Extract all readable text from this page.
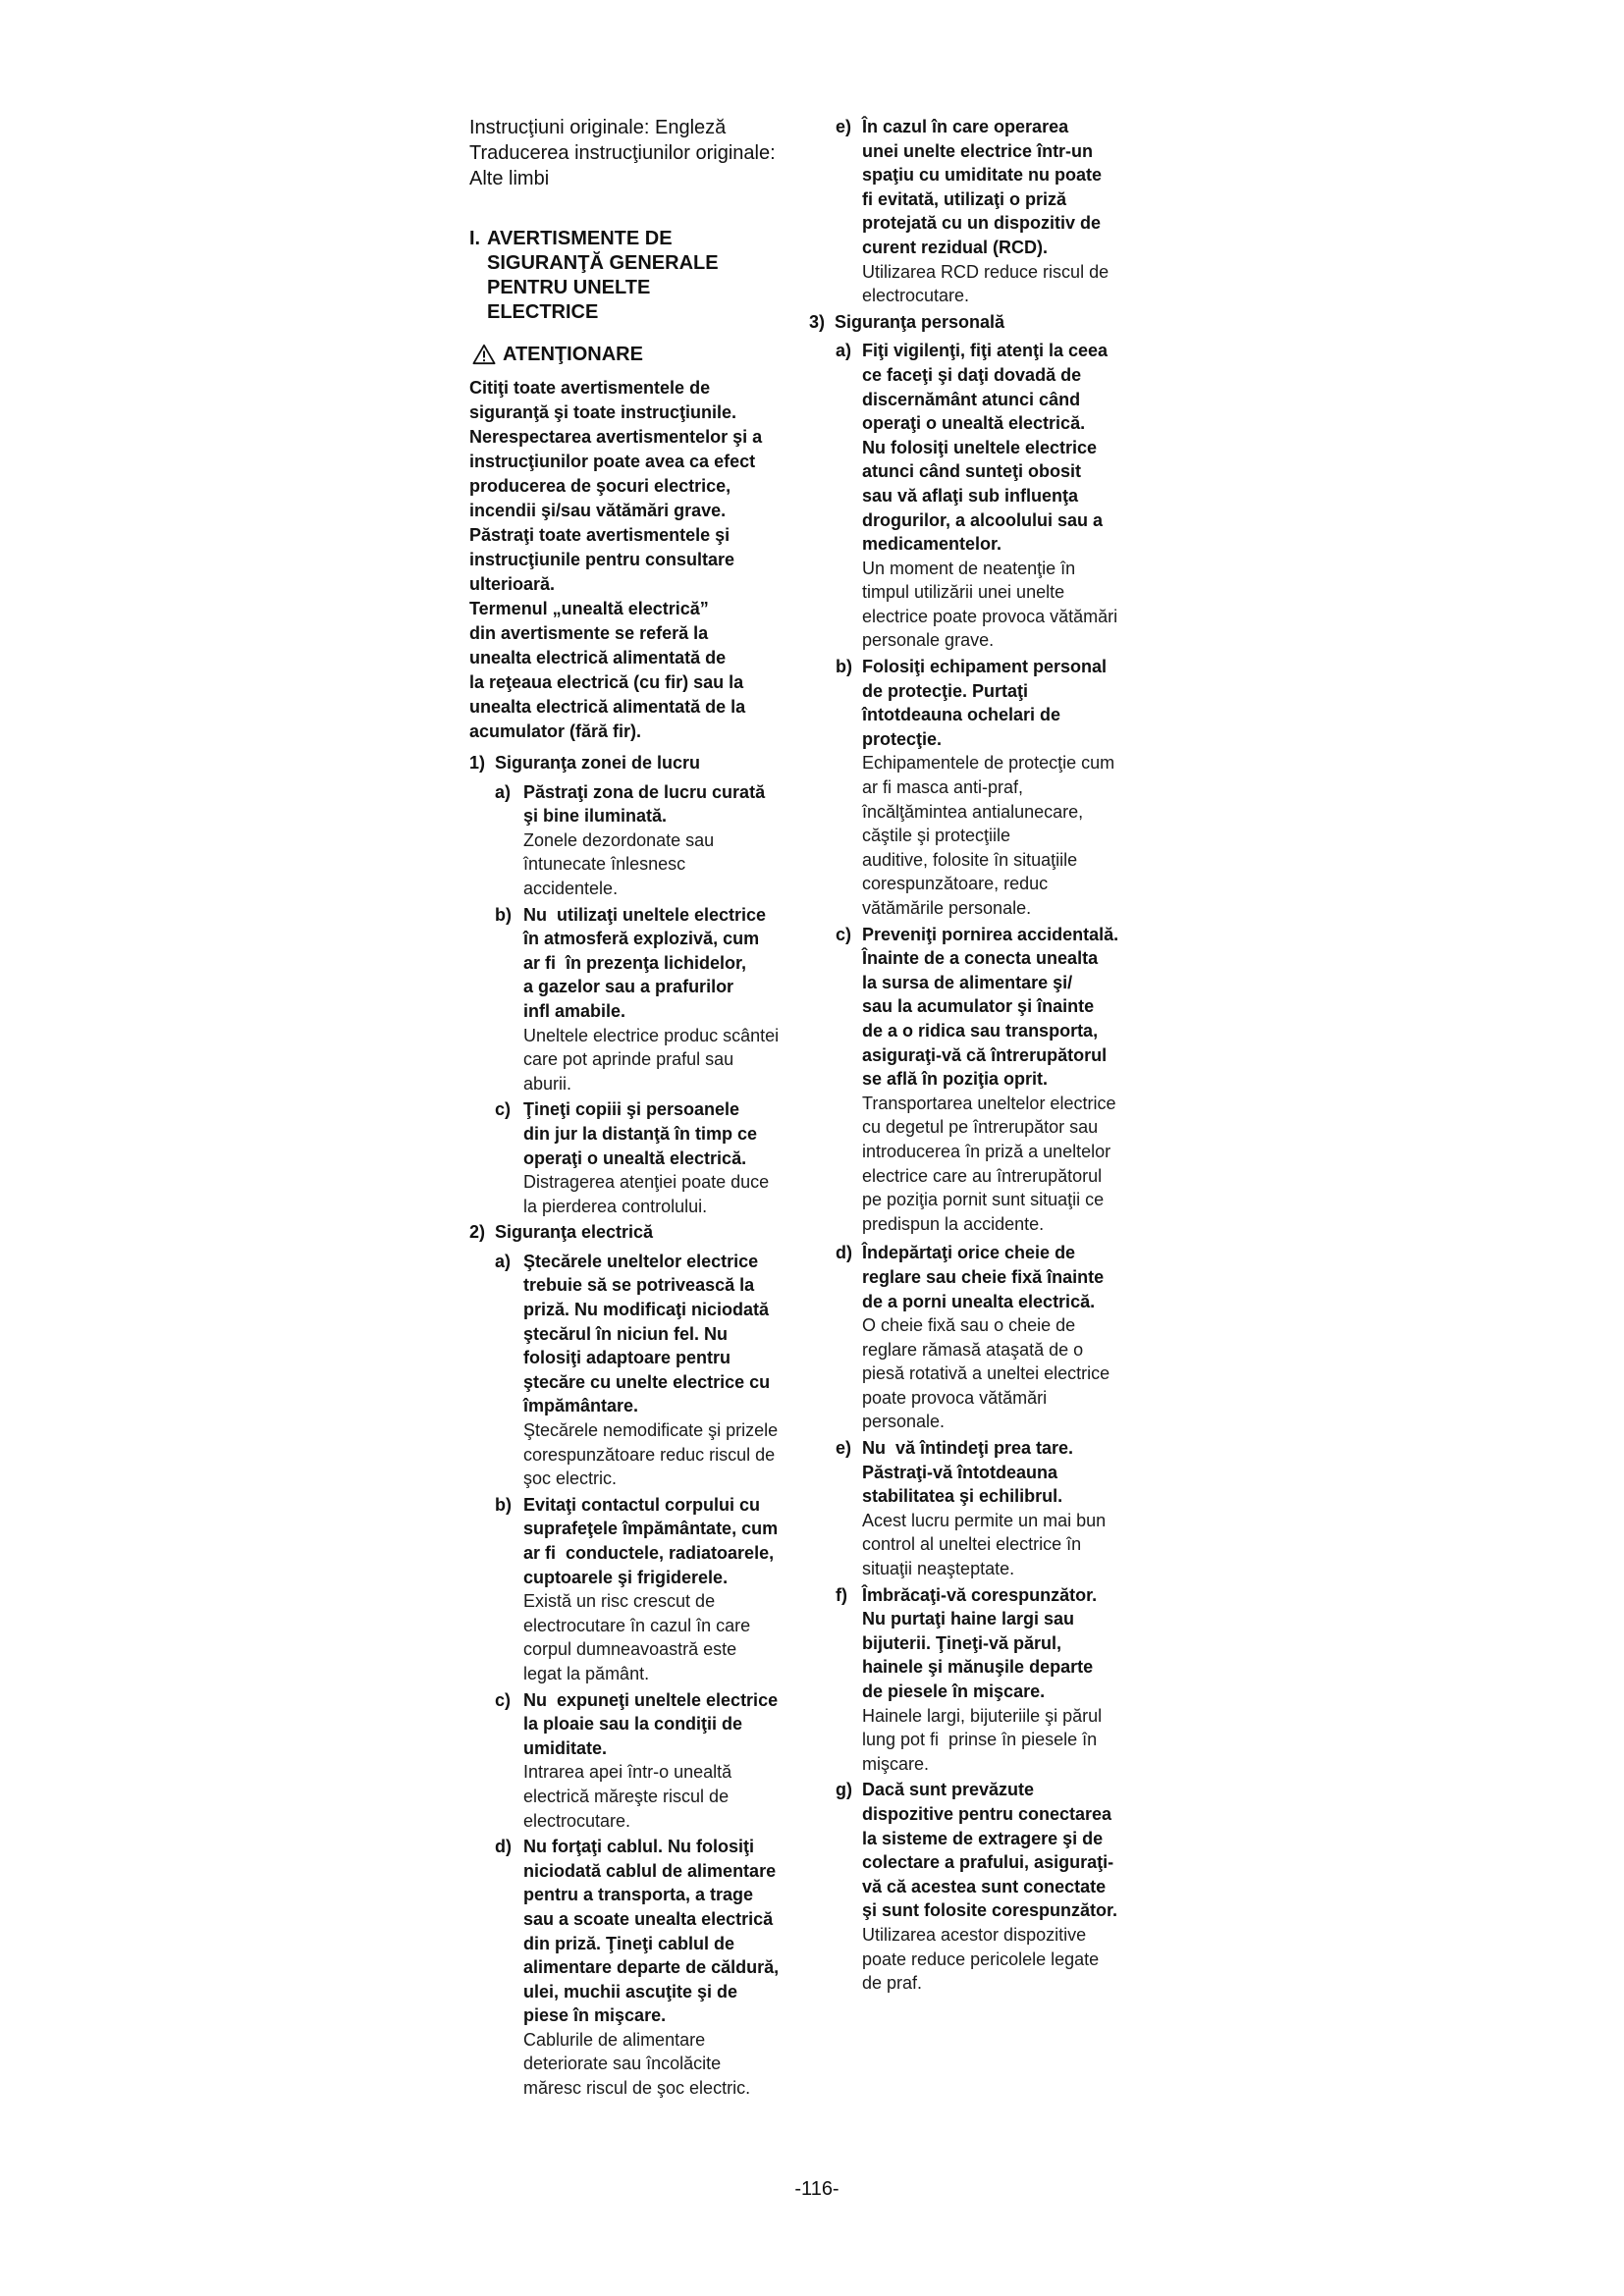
Instrucţiuni originale: Engleză
Traducerea instrucţiunilor originale:
Alte limbi
I. AVERTISMENTE DE
SIGURANŢĂ GENERALE
PENTRU UNELTE
ELECTRICE
ATENŢIONARE
Citiţi toate avertismentele de
siguranţă şi toate instrucţiunile.
Nerespectarea avertismentelor şi a
instrucţiunilor poate avea ca efect
producerea de şocuri electrice,
incendii şi/sau vătămări grave.
Păstraţi toate avertismentele şi
instrucţiunile pentru consultare
ulterioară.
Termenul „unealtă electrică”
din avertismente se referă la
unealta electrică alimentată de
la reţeaua electrică (cu fir) sau la
unealta electrică alimentată de la
acumulator (fără fir).
1) Siguranţa zonei de lucru
a) Păstraţi zona de lucru curată
şi bine iluminată.
Zonele dezordonate sau
întunecate înlesnesc
accidentele.
b) Nu  utilizaţi uneltele electrice
în atmosferă explozivă, cum
ar fi  în prezenţa lichidelor,
a gazelor sau a prafurilor
infl amabile.
Uneltele electrice produc scântei
care pot aprinde praful sau
aburii.
c) Ţineţi copiii şi persoanele
din jur la distanţă în timp ce
operaţi o unealtă electrică.
Distragerea atenţiei poate duce
la pierderea controlului.
2) Siguranţa electrică
a) Ştecărele uneltelor electrice
trebuie să se potrivească la
priză. Nu modificaţi niciodată
ştecărul în niciun fel. Nu
folosiţi adaptoare pentru
ştecăre cu unelte electrice cu
împământare.
Ştecărele nemodificate şi prizele
corespunzătoare reduc riscul de
şoc electric.
b) Evitaţi contactul corpului cu
suprafeţele împământate, cum
ar fi  conductele, radiatoarele,
cuptoarele şi frigiderele.
Există un risc crescut de
electrocutare în cazul în care
corpul dumneavoastră este
legat la pământ.
c) Nu  expuneţi uneltele electrice
la ploaie sau la condiţii de
umiditate.
Intrarea apei într-o unealtă
electrică măreşte riscul de
electrocutare.
d) Nu forţaţi cablul. Nu folosiţi
niciodată cablul de alimentare
pentru a transporta, a trage
sau a scoate unealta electrică
din priză. Ţineţi cablul de
alimentare departe de căldură,
ulei, muchii ascuţite şi de
piese în mişcare.
Cablurile de alimentare
deteriorate sau încolăcite
măresc riscul de şoc electric.
e) În cazul în care operarea
unei unelte electrice într-un
spaţiu cu umiditate nu poate
fi evitată, utilizaţi o priză
protejată cu un dispozitiv de
curent rezidual (RCD).
Utilizarea RCD reduce riscul de
electrocutare.
3) Siguranţa personală
a) Fiţi vigilenţi, fiţi atenţi la ceea
ce faceţi şi daţi dovadă de
discernământ atunci când
operaţi o unealtă electrică.
Nu folosiţi uneltele electrice
atunci când sunteţi obosit
sau vă aflaţi sub influenţa
drogurilor, a alcoolului sau a
medicamentelor.
Un moment de neatenţie în
timpul utilizării unei unelte
electrice poate provoca vătămări
personale grave.
b) Folosiţi echipament personal
de protecţie. Purtaţi
întotdeauna ochelari de
protecţie.
Echipamentele de protecţie cum
ar fi masca anti-praf,
încălţămintea antialunecare,
căştile şi protecţiile
auditive, folosite în situaţiile
corespunzătoare, reduc
vătămările personale.
c) Preveniţi pornirea accidentală.
Înainte de a conecta unealta
la sursa de alimentare şi/
sau la acumulator şi înainte
de a o ridica sau transporta,
asiguraţi-vă că întrerupătorul
se află în poziţia oprit.
Transportarea uneltelor electrice
cu degetul pe întrerupător sau
introducerea în priză a uneltelor
electrice care au întrerupătorul
pe poziţia pornit sunt situaţii ce
predispun la accidente.
d) Îndepărtaţi orice cheie de
reglare sau cheie fixă înainte
de a porni unealta electrică.
O cheie fixă sau o cheie de
reglare rămasă ataşată de o
piesă rotativă a uneltei electrice
poate provoca vătămări
personale.
e) Nu  vă întindeţi prea tare.
Păstraţi-vă întotdeauna
stabilitatea şi echilibrul.
Acest lucru permite un mai bun
control al uneltei electrice în
situaţii neaşteptate.
f) Îmbrăcaţi-vă corespunzător.
Nu purtaţi haine largi sau
bijuterii. Ţineţi-vă părul,
hainele şi mănuşile departe
de piesele în mişcare.
Hainele largi, bijuteriile şi părul
lung pot fi  prinse în piesele în
mişcare.
g) Dacă sunt prevăzute
dispozitive pentru conectarea
la sisteme de extragere şi de
colectare a prafului, asiguraţi-
vă că acestea sunt conectate
şi sunt folosite corespunzător.
Utilizarea acestor dispozitive
poate reduce pericolele legate
de praf.
-116-
